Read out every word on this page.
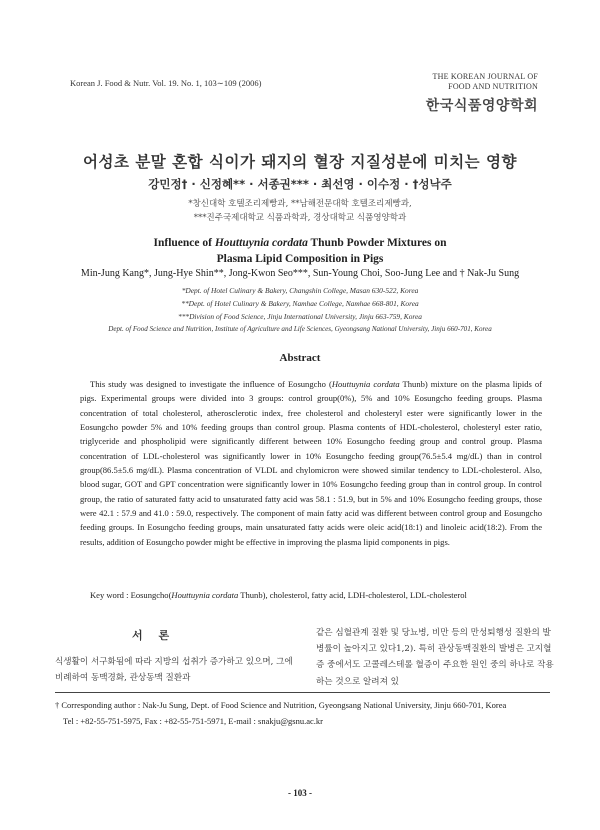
Korean J. Food & Nutr. Vol. 19. No. 1, 103∼109 (2006)
THE KOREAN JOURNAL OF
FOOD AND NUTRITION
한국식품영양학회
어성초 분말 혼합 식이가 돼지의 혈장 지질성분에 미치는 영향
강민정† · 신정혜** · 서종권*** · 최선영 · 이수정 · †성낙주
*창신대학 호텔조리제빵과, **남해전문대학 호텔조리제빵과,
***진주국제대학교 식품과학과, 경상대학교 식품영양학과
Influence of Houttuynia cordata Thunb Powder Mixtures on
Plasma Lipid Composition in Pigs
Min-Jung Kang*, Jung-Hye Shin**, Jong-Kwon Seo***, Sun-Young Choi, Soo-Jung Lee and † Nak-Ju Sung
*Dept. of Hotel Culinary & Bakery, Changshin College, Masan 630-522, Korea
**Dept. of Hotel Culinary & Bakery, Namhae College, Namhae 668-801, Korea
***Division of Food Science, Jinju International University, Jinju 663-759, Korea
Dept. of Food Science and Nutrition, Institute of Agriculture and Life Sciences, Gyeongsang National University, Jinju 660-701, Korea
Abstract
This study was designed to investigate the influence of Eosungcho (Houttuynia cordata Thunb) mixture on the plasma lipids of pigs. Experimental groups were divided into 3 groups: control group(0%), 5% and 10% Eosungcho feeding groups. Plasma concentration of total cholesterol, atherosclerotic index, free cholesterol and cholesteryl ester were significantly lower in the Eosungcho powder 5% and 10% feeding groups than control group. Plasma contents of HDL-cholesterol, cholesteryl ester ratio, triglyceride and phospholipid were significantly different between 10% Eosungcho feeding group and control group. Plasma concentration of LDL-cholesterol was significantly lower in 10% Eosungcho feeding group(76.5±5.4 mg/dL) than in control group(86.5±5.6 mg/dL). Plasma concentration of VLDL and chylomicron were showed similar tendency to LDL-cholesterol. Also, blood sugar, GOT and GPT concentration were significantly lower in 10% Eosungcho feeding group than in control group. In control group, the ratio of saturated fatty acid to unsaturated fatty acid was 58.1 : 51.9, but in 5% and 10% Eosungcho feeding groups, those were 42.1 : 57.9 and 41.0 : 59.0, respectively. The component of main fatty acid was different between control group and Eosungcho feeding groups. In Eosungcho feeding groups, main unsaturated fatty acids were oleic acid(18:1) and linoleic acid(18:2). From the results, addition of Eosungcho powder might be effective in improving the plasma lipid components in pigs.
Key word : Eosungcho(Houttuynia cordata Thunb), cholesterol, fatty acid, LDH-cholesterol, LDL-cholesterol
서 론
식생활이 서구화됨에 따라 지방의 섭취가 증가하고 있으며, 그에 비례하여 동맥경화, 관상동맥 질환과
같은 심혈관계 질환 및 당뇨병, 비만 등의 만성퇴행성 질환의 발병률이 높아지고 있다1,2). 특히 관상동맥질환의 발병은 고지혈증 중에서도 고콜레스테롤 혈증이 주요한 원인 중의 하나로 작용하는 것으로 알려져 있
† Corresponding author : Nak-Ju Sung, Dept. of Food Science and Nutrition, Gyeongsang National University, Jinju 660-701, Korea
Tel : +82-55-751-5975, Fax : +82-55-751-5971, E-mail : snakju@gsnu.ac.kr
- 103 -
